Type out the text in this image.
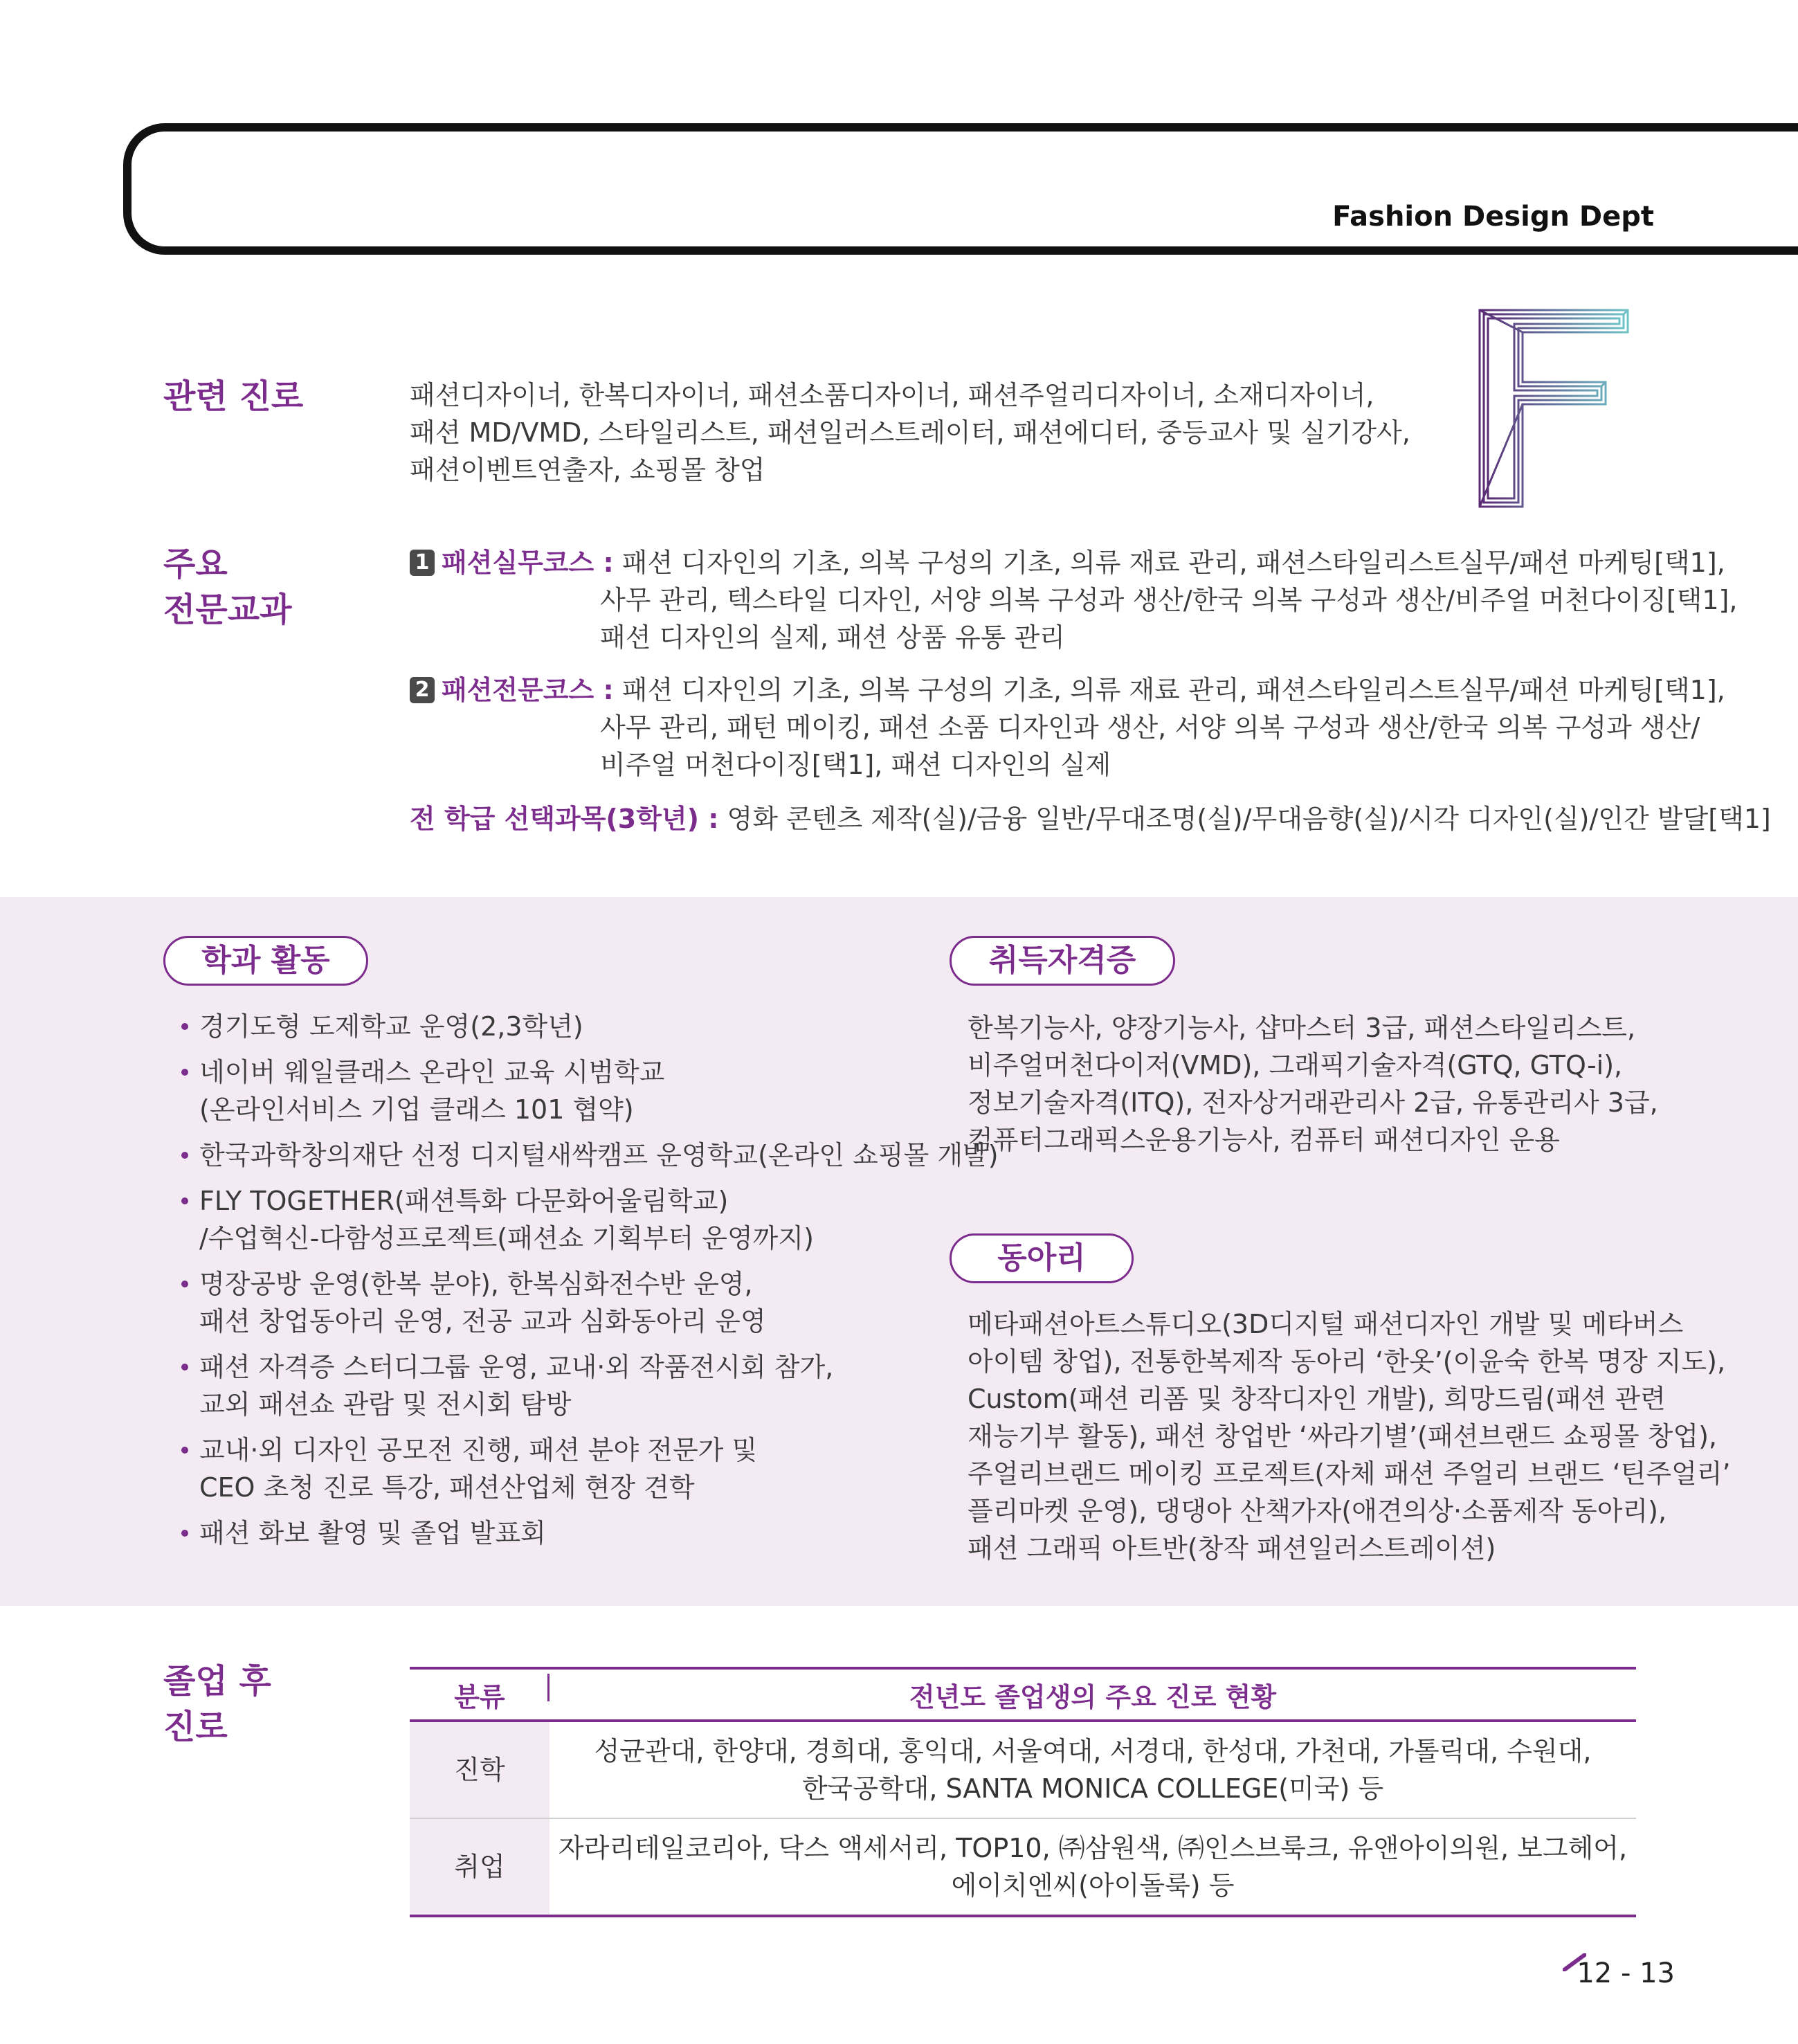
Fashion Design Dept
관련 진로	패션디자이너, 한복디자이너, 패션소품디자이너, 패션주얼리디자이너, 소재디자이너,
패션 MD/VMD, 스타일리스트, 패션일러스트레이터, 패션에디터, 중등교사 및 실기강사,
패션이벤트연출자, 쇼핑몰 창업
주요
전문교과
1 패션실무코스 : 패션 디자인의 기초, 의복 구성의 기초, 의류 재료 관리, 패션스타일리스트실무/패션 마케팅[택1],
사무 관리, 텍스타일 디자인, 서양 의복 구성과 생산/한국 의복 구성과 생산/비주얼 머천다이징[택1],
패션 디자인의 실제, 패션 상품 유통 관리
2 패션전문코스 : 패션 디자인의 기초, 의복 구성의 기초, 의류 재료 관리, 패션스타일리스트실무/패션 마케팅[택1],
사무 관리, 패턴 메이킹, 패션 소품 디자인과 생산, 서양 의복 구성과 생산/한국 의복 구성과 생산/
비주얼 머천다이징[택1], 패션 디자인의 실제
전 학급 선택과목(3학년) : 영화 콘텐츠 제작(실)/금융 일반/무대조명(실)/무대음향(실)/시각 디자인(실)/인간 발달[택1]
학과 활동
경기도형 도제학교 운영(2,3학년)
네이버 웨일클래스 온라인 교육 시범학교
(온라인서비스 기업 클래스 101 협약)
한국과학창의재단 선정 디지털새싹캠프 운영학교(온라인 쇼핑몰 개발)
FLY TOGETHER(패션특화 다문화어울림학교)
/수업혁신-다함성프로젝트(패션쇼 기획부터 운영까지)
명장공방 운영(한복 분야), 한복심화전수반 운영,
패션 창업동아리 운영, 전공 교과 심화동아리 운영
패션 자격증 스터디그룹 운영, 교내·외 작품전시회 참가,
교외 패션쇼 관람 및 전시회 탐방
교내·외 디자인 공모전 진행, 패션 분야 전문가 및
CEO 초청 진로 특강, 패션산업체 현장 견학
패션 화보 촬영 및 졸업 발표회
취득자격증
한복기능사, 양장기능사, 샵마스터 3급, 패션스타일리스트,
비주얼머천다이저(VMD), 그래픽기술자격(GTQ, GTQ-i),
정보기술자격(ITQ), 전자상거래관리사 2급, 유통관리사 3급,
컴퓨터그래픽스운용기능사, 컴퓨터 패션디자인 운용
동아리
메타패션아트스튜디오(3D디지털 패션디자인 개발 및 메타버스
아이템 창업), 전통한복제작 동아리 ‘한옷’(이윤숙 한복 명장 지도),
Custom(패션 리폼 및 창작디자인 개발), 희망드림(패션 관련
재능기부 활동), 패션 창업반 ‘싸라기별’(패션브랜드 쇼핑몰 창업),
주얼리브랜드 메이킹 프로젝트(자체 패션 주얼리 브랜드 ‘틴주얼리’
플리마켓 운영), 댕댕아 산책가자(애견의상·소품제작 동아리),
패션 그래픽 아트반(창작 패션일러스트레이션)
졸업 후
진로
분류	전년도 졸업생의 주요 진로 현황
진학	성균관대, 한양대, 경희대, 홍익대, 서울여대, 서경대, 한성대, 가천대, 가톨릭대, 수원대,
한국공학대, SANTA MONICA COLLEGE(미국) 등

취업	자라리테일코리아, 닥스 액세서리, TOP10, ㈜삼원색, ㈜인스브룩크, 유앤아이의원, 보그헤어,
에이치엔씨(아이돌룩) 등
12 - 13
